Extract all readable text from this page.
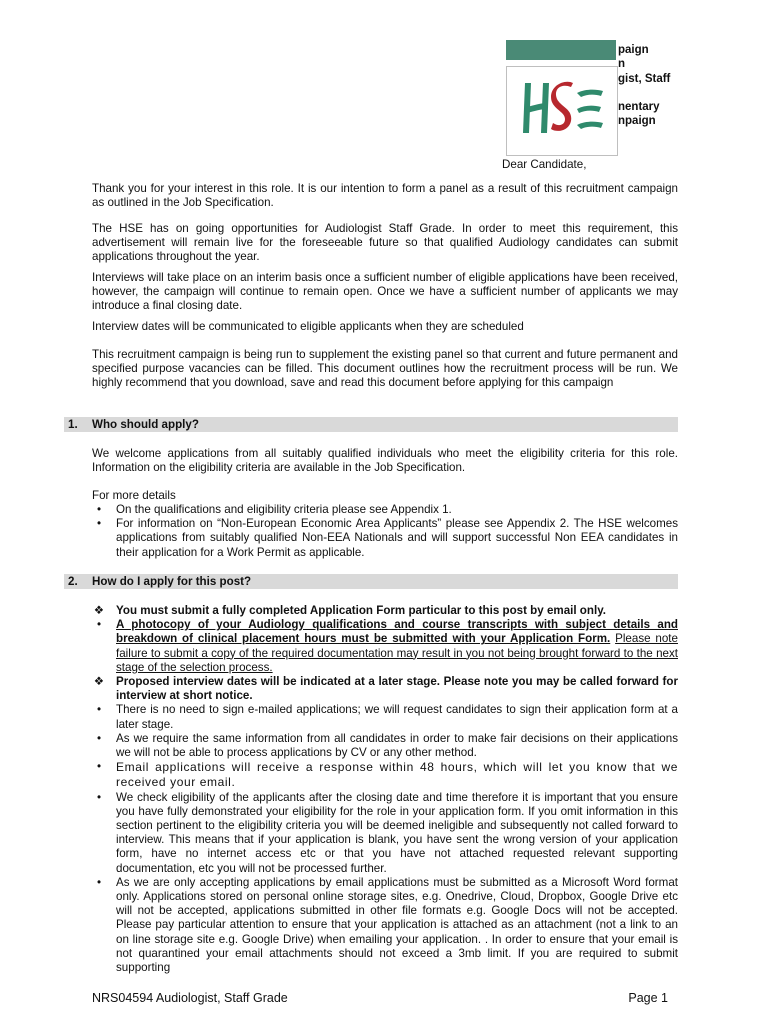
paign
n
gist, Staff
nentary
npaign
Dear Candidate,
Thank you for your interest in this role. It is our intention to form a panel as a result of this recruitment campaign as outlined in the Job Specification.
The HSE has on going opportunities for Audiologist Staff Grade. In order to meet this requirement, this advertisement will remain live for the foreseeable future so that qualified Audiology candidates can submit applications throughout the year.
Interviews will take place on an interim basis once a sufficient number of eligible applications have been received, however, the campaign will continue to remain open. Once we have a sufficient number of applicants we may introduce a final closing date.
Interview dates will be communicated to eligible applicants when they are scheduled
This recruitment campaign is being run to supplement the existing panel so that current and future permanent and specified purpose vacancies can be filled. This document outlines how the recruitment process will be run. We highly recommend that you download, save and read this document before applying for this campaign
1. Who should apply?
We welcome applications from all suitably qualified individuals who meet the eligibility criteria for this role. Information on the eligibility criteria are available in the Job Specification.
For more details
•	On the qualifications and eligibility criteria please see Appendix 1.
•	For information on “Non-European Economic Area Applicants” please see Appendix 2. The HSE welcomes applications from suitably qualified Non-EEA Nationals and will support successful Non EEA candidates in their application for a Work Permit as applicable.
2. How do I apply for this post?
❖ You must submit a fully completed Application Form particular to this post by email only.
•	A photocopy of your Audiology qualifications and course transcripts with subject details and breakdown of clinical placement hours must be submitted with your Application Form. Please note failure to submit a copy of the required documentation may result in you not being brought forward to the next stage of the selection process.
❖ Proposed interview dates will be indicated at a later stage. Please note you may be called forward for interview at short notice.
•	There is no need to sign e-mailed applications; we will request candidates to sign their application form at a later stage.
•	As we require the same information from all candidates in order to make fair decisions on their applications we will not be able to process applications by CV or any other method.
•	Email applications will receive a response within 48 hours, which will let you know that we received your email.
•	We check eligibility of the applicants after the closing date and time therefore it is important that you ensure you have fully demonstrated your eligibility for the role in your application form. If you omit information in this section pertinent to the eligibility criteria you will be deemed ineligible and subsequently not called forward to interview. This means that if your application is blank, you have sent the wrong version of your application form, have no internet access etc or that you have not attached requested relevant supporting documentation, etc you will not be processed further.
•	As we are only accepting applications by email applications must be submitted as a Microsoft Word format only. Applications stored on personal online storage sites, e.g. Onedrive, Cloud, Dropbox, Google Drive etc will not be accepted, applications submitted in other file formats e.g. Google Docs will not be accepted. Please pay particular attention to ensure that your application is attached as an attachment (not a link to an on line storage site e.g. Google Drive) when emailing your application. . In order to ensure that your email is not quarantined your email attachments should not exceed a 3mb limit. If you are required to submit supporting
NRS04594 Audiologist, Staff Grade	Page 1
